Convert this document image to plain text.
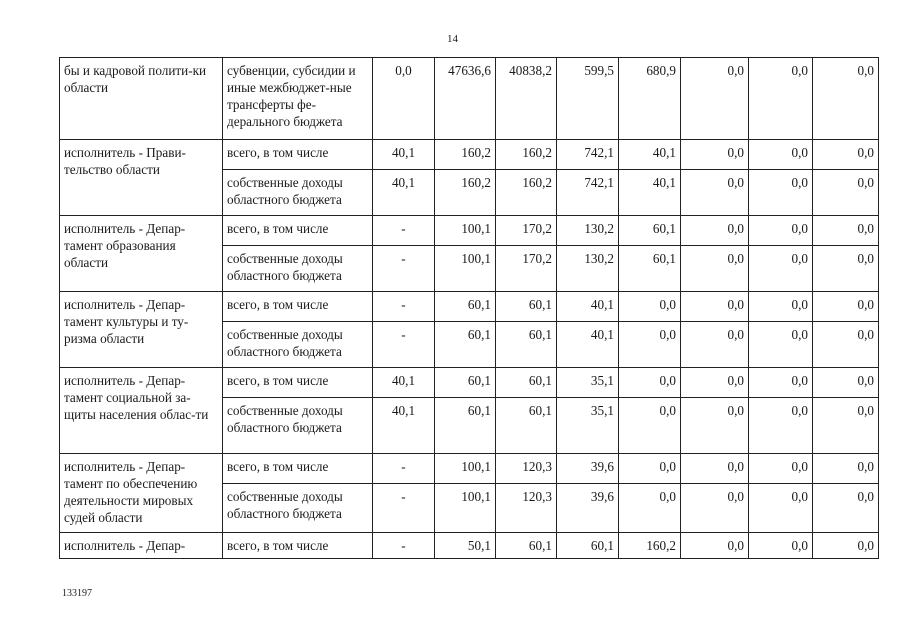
14
бы и кадровой полити-ки области	субвенции, субсидии и иные межбюджет-ные трансферты фе-дерального бюджета	0,0	47636,6	40838,2	599,5	680,9	0,0	0,0	0,0
исполнитель - Прави-тельство области	всего, в том числе	40,1	160,2	160,2	742,1	40,1	0,0	0,0	0,0
	собственные доходы областного бюджета	40,1	160,2	160,2	742,1	40,1	0,0	0,0	0,0
исполнитель - Депар-тамент образования области	всего, в том числе	-	100,1	170,2	130,2	60,1	0,0	0,0	0,0
	собственные доходы областного бюджета	-	100,1	170,2	130,2	60,1	0,0	0,0	0,0
исполнитель - Депар-тамент культуры и ту-ризма области	всего, в том числе	-	60,1	60,1	40,1	0,0	0,0	0,0	0,0
	собственные доходы областного бюджета	-	60,1	60,1	40,1	0,0	0,0	0,0	0,0
исполнитель - Депар-тамент социальной за-щиты населения облас-ти	всего, в том числе	40,1	60,1	60,1	35,1	0,0	0,0	0,0	0,0
	собственные доходы областного бюджета	40,1	60,1	60,1	35,1	0,0	0,0	0,0	0,0
исполнитель - Депар-тамент по обеспечению деятельности мировых судей области	всего, в том числе	-	100,1	120,3	39,6	0,0	0,0	0,0	0,0
	собственные доходы областного бюджета	-	100,1	120,3	39,6	0,0	0,0	0,0	0,0
исполнитель - Депар-	всего, в том числе	-	50,1	60,1	60,1	160,2	0,0	0,0	0,0
133197
